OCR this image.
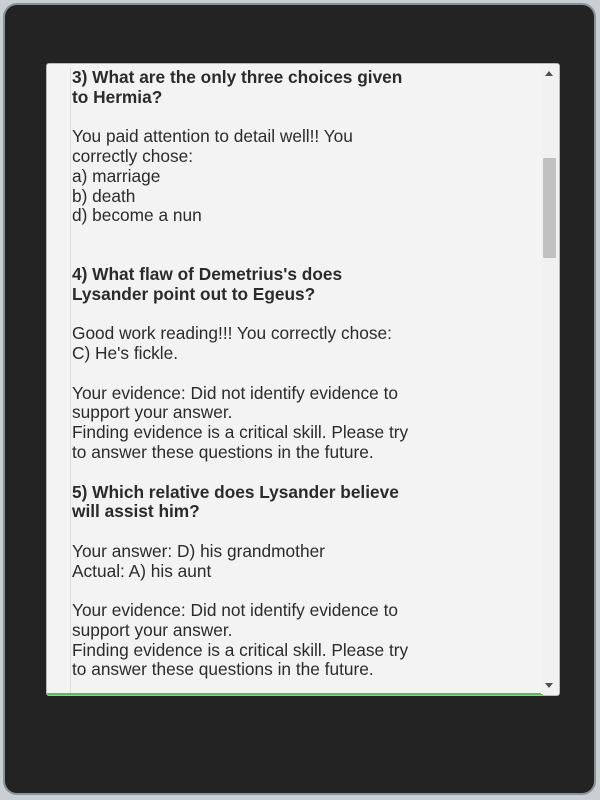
3) What are the only three choices given
to Hermia?
You paid attention to detail well!! You
correctly chose:
a) marriage
b) death
d) become a nun
4) What flaw of Demetrius's does
Lysander point out to Egeus?
Good work reading!!! You correctly chose:
C) He's fickle.
Your evidence: Did not identify evidence to
support your answer.
Finding evidence is a critical skill. Please try
to answer these questions in the future.
5) Which relative does Lysander believe
will assist him?
Your answer: D) his grandmother
Actual: A) his aunt
Your evidence: Did not identify evidence to
support your answer.
Finding evidence is a critical skill. Please try
to answer these questions in the future.
